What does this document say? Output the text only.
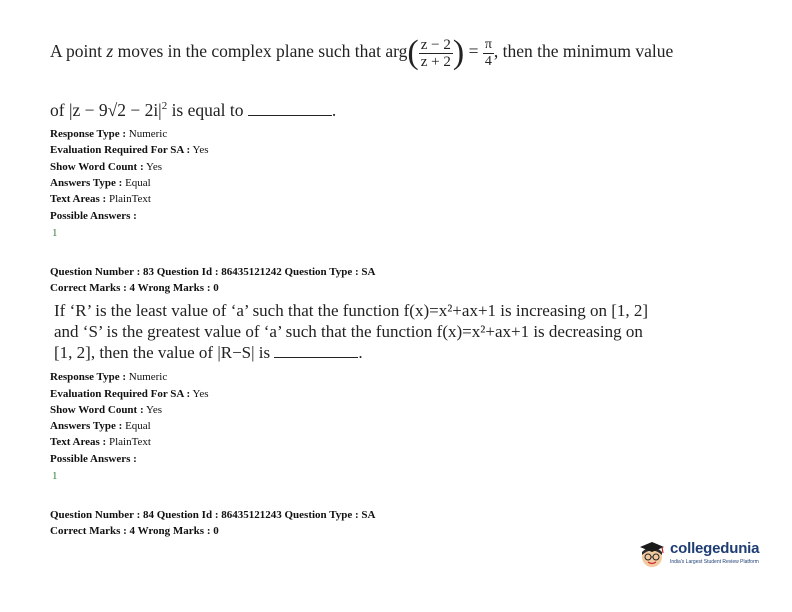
A point z moves in the complex plane such that $arg( \frac{z - 2}{z + 2}$ ) = $\frac{\pi}{4}$ , then the minimum value
of $|z - 9√2 - 2i|^2$ is equal to	.
Response Type : Numeric
Evaluation Required For SA : Yes
Show Word Count : Yes
Answers Type : Equal
Text Areas : PlainText
Possible Answers :
1
Question Number : 83 Question Id : 86435121242 Question Type : SA
Correct Marks : 4 Wrong Marks : 0
If ‘R’ is the least value of ‘a’ such that the function f(x)=x²+ax+1 is increasing on [1, 2]
and ‘S’ is the greatest value of ‘a’ such that the function f(x)=x²+ax+1 is decreasing on
[1, 2], then the value of |R−S| is	.
Response Type : Numeric
Evaluation Required For SA : Yes
Show Word Count : Yes
Answers Type : Equal
Text Areas : PlainText
Possible Answers :
1
Question Number : 84 Question Id : 86435121243 Question Type : SA
Correct Marks : 4 Wrong Marks : 0
collegedunia
India's Largest Student Review Platform
